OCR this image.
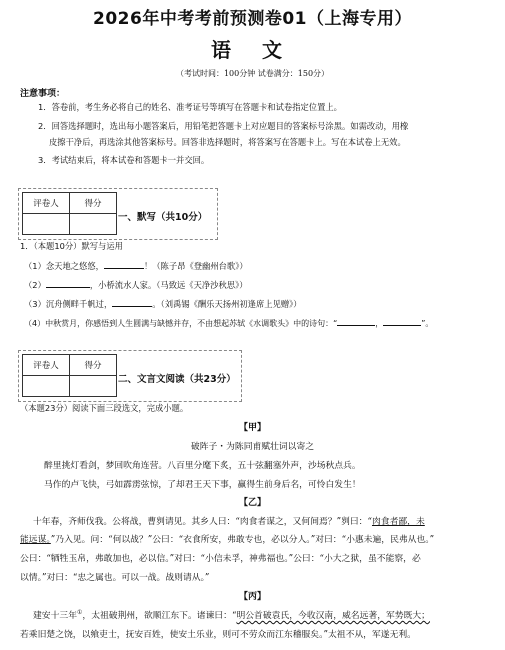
2026年中考考前预测卷01（上海专用）
语 文
（考试时间：100分钟 试卷满分：150分）
注意事项：
1．答卷前，考生务必将自己的姓名、准考证号等填写在答题卡和试卷指定位置上。
2．回答选择题时，选出每小题答案后，用铅笔把答题卡上对应题目的答案标号涂黑。如需改动，用橡
皮擦干净后，再选涂其他答案标号。回答非选择题时，将答案写在答题卡上。写在本试卷上无效。
3．考试结束后，将本试卷和答题卡一并交回。
评卷人	得分

一、默写（共10分）
1．（本题10分）默写与运用
（1）念天地之悠悠，	！（陈子昂《登幽州台歌》）
（2）	，小桥流水人家。（马致远《天净沙秋思》）
（3）沉舟侧畔千帆过，	。（刘禹锡《酬乐天扬州初逢席上见赠》）
（4）中秋赏月，你感悟到人生圆满与缺憾并存，不由想起苏轼《水调歌头》中的诗句：“	，	”。
评卷人	得分

二、文言文阅读（共23分）
（本题23分）阅读下面三段选文，完成小题。
【甲】
破阵子・为陈同甫赋壮词以寄之
醉里挑灯看剑，梦回吹角连营。八百里分麾下炙，五十弦翻塞外声，沙场秋点兵。
马作的卢飞快，弓如霹雳弦惊，了却君王天下事，赢得生前身后名，可怜白发生！
【乙】
十年春，齐师伐我。公将战，曹刿请见。其乡人曰：“肉食者谋之，又何间焉？”刿曰：“肉食者鄙，未
能远谋。”乃入见。问：“何以战？”公曰：“衣食所安，弗敢专也，必以分人。”对曰：“小惠未遍，民弗从也。”
公曰：“牺牲玉帛，弗敢加也，必以信。”对曰：“小信未孚，神弗福也。”公曰：“小大之狱，虽不能察，必
以情。”对曰：“忠之属也。可以一战。战则请从。”
【丙】
建安十三年①，太祖破荆州，欲顺江东下。诸谏曰：“明公首破袁氏，今收汉南，威名远著，军势既大；
若乘旧楚之饶，以飨吏士，抚安百姓，使安土乐业，则可不劳众而江东稽服矣。”太祖不从，军遂无利。
